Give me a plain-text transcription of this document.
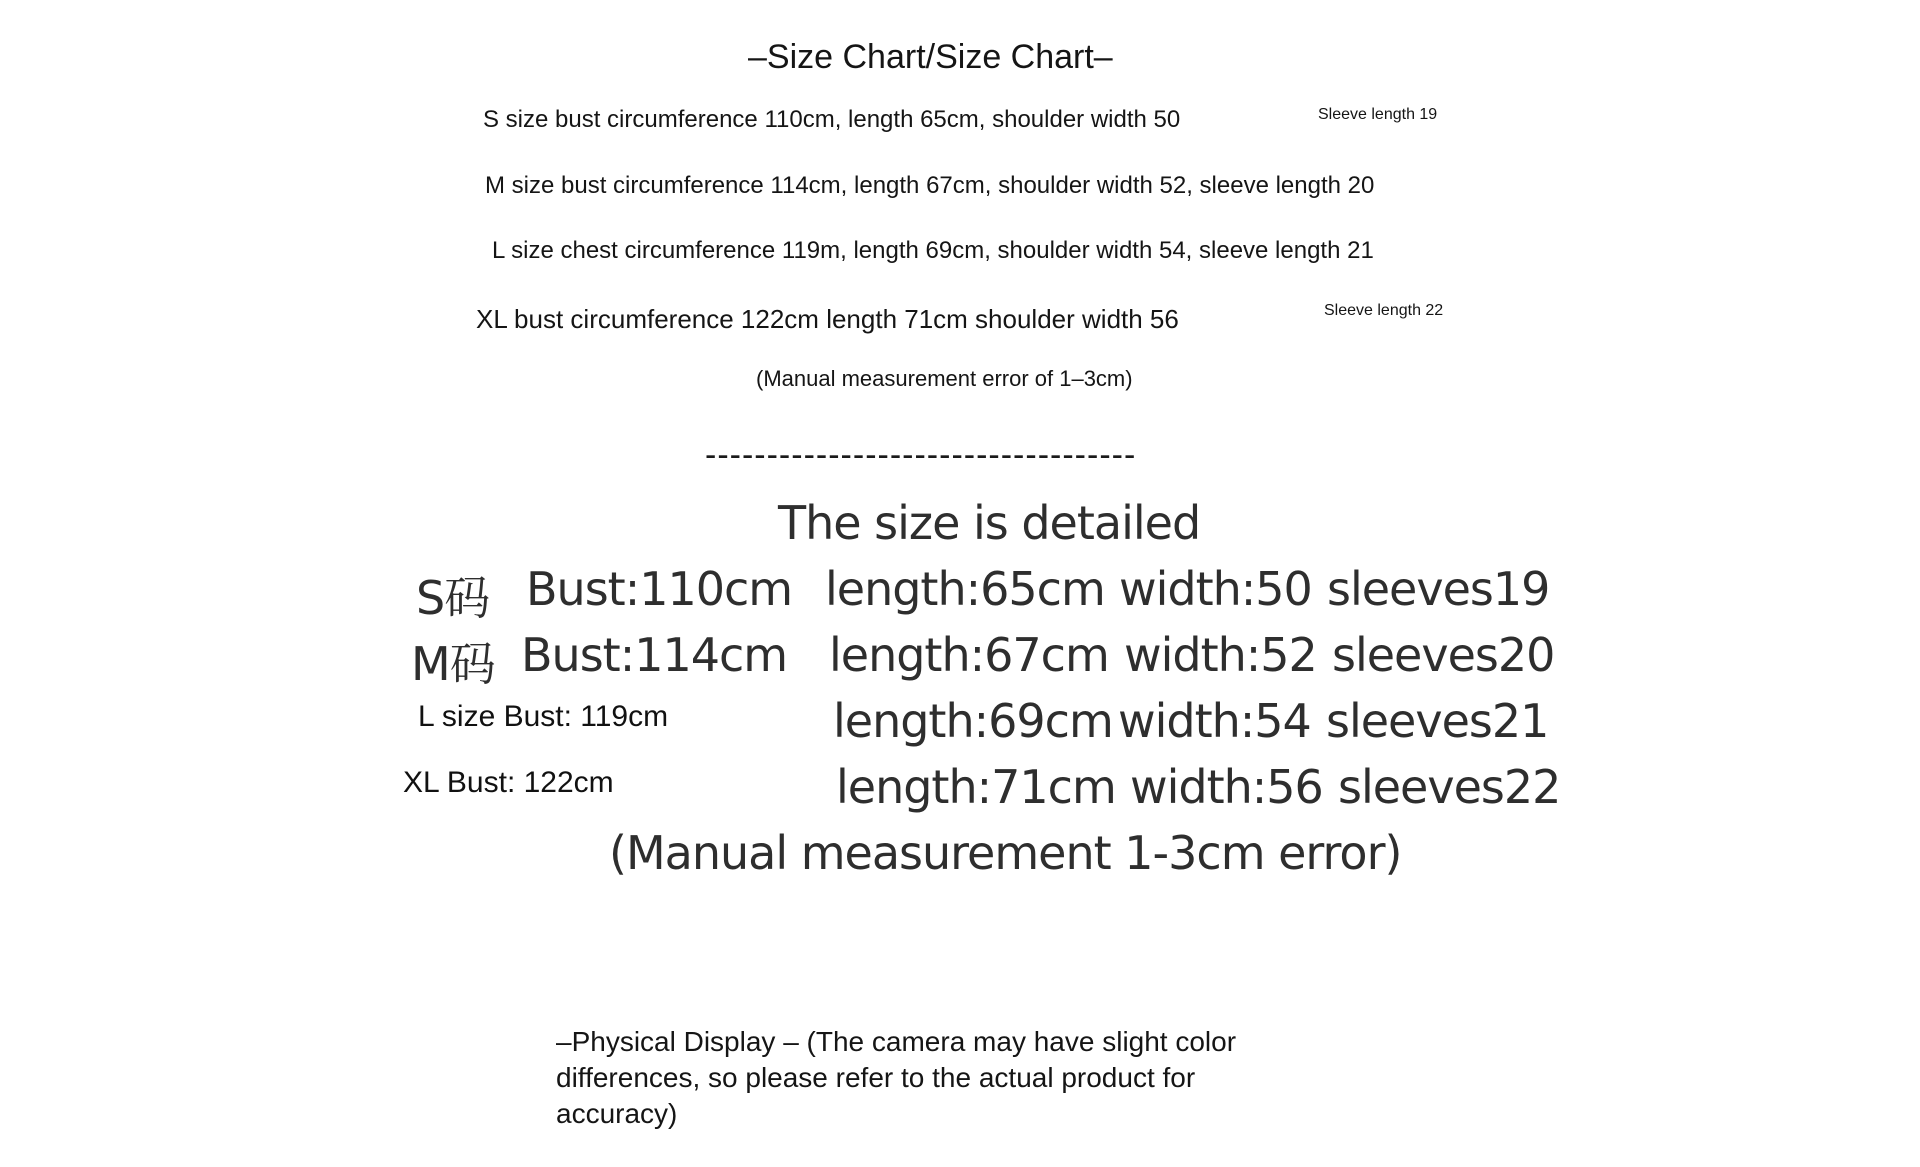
–Size Chart/Size Chart–
S size bust circumference 110cm, length 65cm, shoulder width 50	Sleeve length 19
M size bust circumference 114cm, length 67cm, shoulder width 52, sleeve length 20
L size chest circumference 119m, length 69cm, shoulder width 54, sleeve length 21
XL bust circumference 122cm length 71cm shoulder width 56	Sleeve length 22
(Manual measurement error of 1–3cm)
-----------------------------------
The size is detailed
S码 Bust:110cm length:65cm width:50 sleeves19
M码 Bust:114cm length:67cm width:52 sleeves20
L size Bust: 119cm	length:69cm width:54 sleeves21
XL Bust: 122cm	length:71cm width:56 sleeves22
(Manual measurement 1-3cm error)
–Physical Display – (The camera may have slight color differences, so please refer to the actual product for accuracy)
